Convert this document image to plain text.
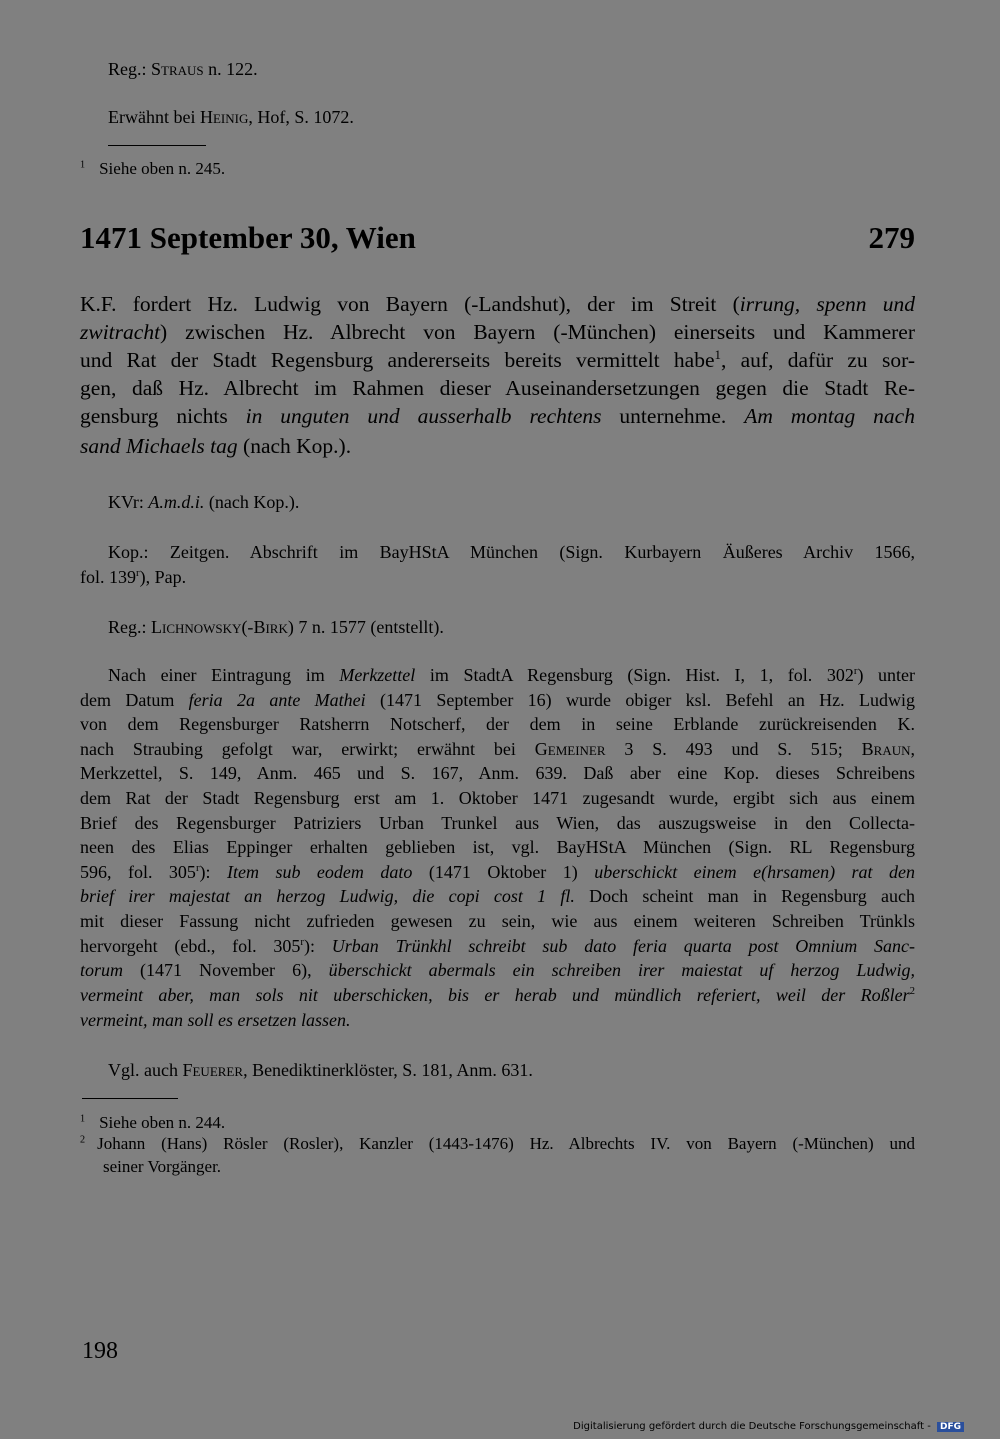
Reg.: Straus n. 122.
Erwähnt bei Heinig, Hof, S. 1072.
$^1$ Siehe oben n. 245.
1471 September 30, Wien	279
K.F. fordert Hz. Ludwig von Bayern (-Landshut), der im Streit (irrung, spenn und
zwitracht) zwischen Hz. Albrecht von Bayern (-München) einerseits und Kammerer
und Rat der Stadt Regensburg andererseits bereits vermittelt habe$^1$, auf, dafür zu sor-
gen, daß Hz. Albrecht im Rahmen dieser Auseinandersetzungen gegen die Stadt Re-
gensburg nichts in unguten und ausserhalb rechtens unternehme. Am montag nach
sand Michaels tag (nach Kop.).
KVr: A.m.d.i. (nach Kop.).
Kop.: Zeitgen. Abschrift im BayHStA München (Sign. Kurbayern Äußeres Archiv 1566,
fol. 139$^r$), Pap.
Reg.: Lichnowsky(-Birk) 7 n. 1577 (entstellt).
Nach einer Eintragung im Merkzettel im StadtA Regensburg (Sign. Hist. I, 1, fol. 302$^r$) unter
dem Datum feria 2a ante Mathei (1471 September 16) wurde obiger ksl. Befehl an Hz. Ludwig
von dem Regensburger Ratsherrn Notscherf, der dem in seine Erblande zurückreisenden K.
nach Straubing gefolgt war, erwirkt; erwähnt bei Gemeiner 3 S. 493 und S. 515; Braun,
Merkzettel, S. 149, Anm. 465 und S. 167, Anm. 639. Daß aber eine Kop. dieses Schreibens
dem Rat der Stadt Regensburg erst am 1. Oktober 1471 zugesandt wurde, ergibt sich aus einem
Brief des Regensburger Patriziers Urban Trunkel aus Wien, das auszugsweise in den Collecta-
neen des Elias Eppinger erhalten geblieben ist, vgl. BayHStA München (Sign. RL Regensburg
596, fol. 305$^r$): Item sub eodem dato (1471 Oktober 1) uberschickt einem e(hrsamen) rat den
brief irer majestat an herzog Ludwig, die copi cost 1 fl. Doch scheint man in Regensburg auch
mit dieser Fassung nicht zufrieden gewesen zu sein, wie aus einem weiteren Schreiben Trünkls
hervorgeht (ebd., fol. 305$^r$): Urban Trünkhl schreibt sub dato feria quarta post Omnium Sanc-
torum (1471 November 6), überschickt abermals ein schreiben irer maiestat uf herzog Ludwig,
vermeint aber, man sols nit uberschicken, bis er herab und mündlich referiert, weil der Roßler$^2$
vermeint, man soll es ersetzen lassen.
Vgl. auch Feuerer, Benediktinerklöster, S. 181, Anm. 631.
$^1$ Siehe oben n. 244.
$^2$ Johann (Hans) Rösler (Rosler), Kanzler (1443-1476) Hz. Albrechts IV. von Bayern (-München) und
seiner Vorgänger.
198
Digitalisierung gefördert durch die Deutsche Forschungsgemeinschaft - DFG
